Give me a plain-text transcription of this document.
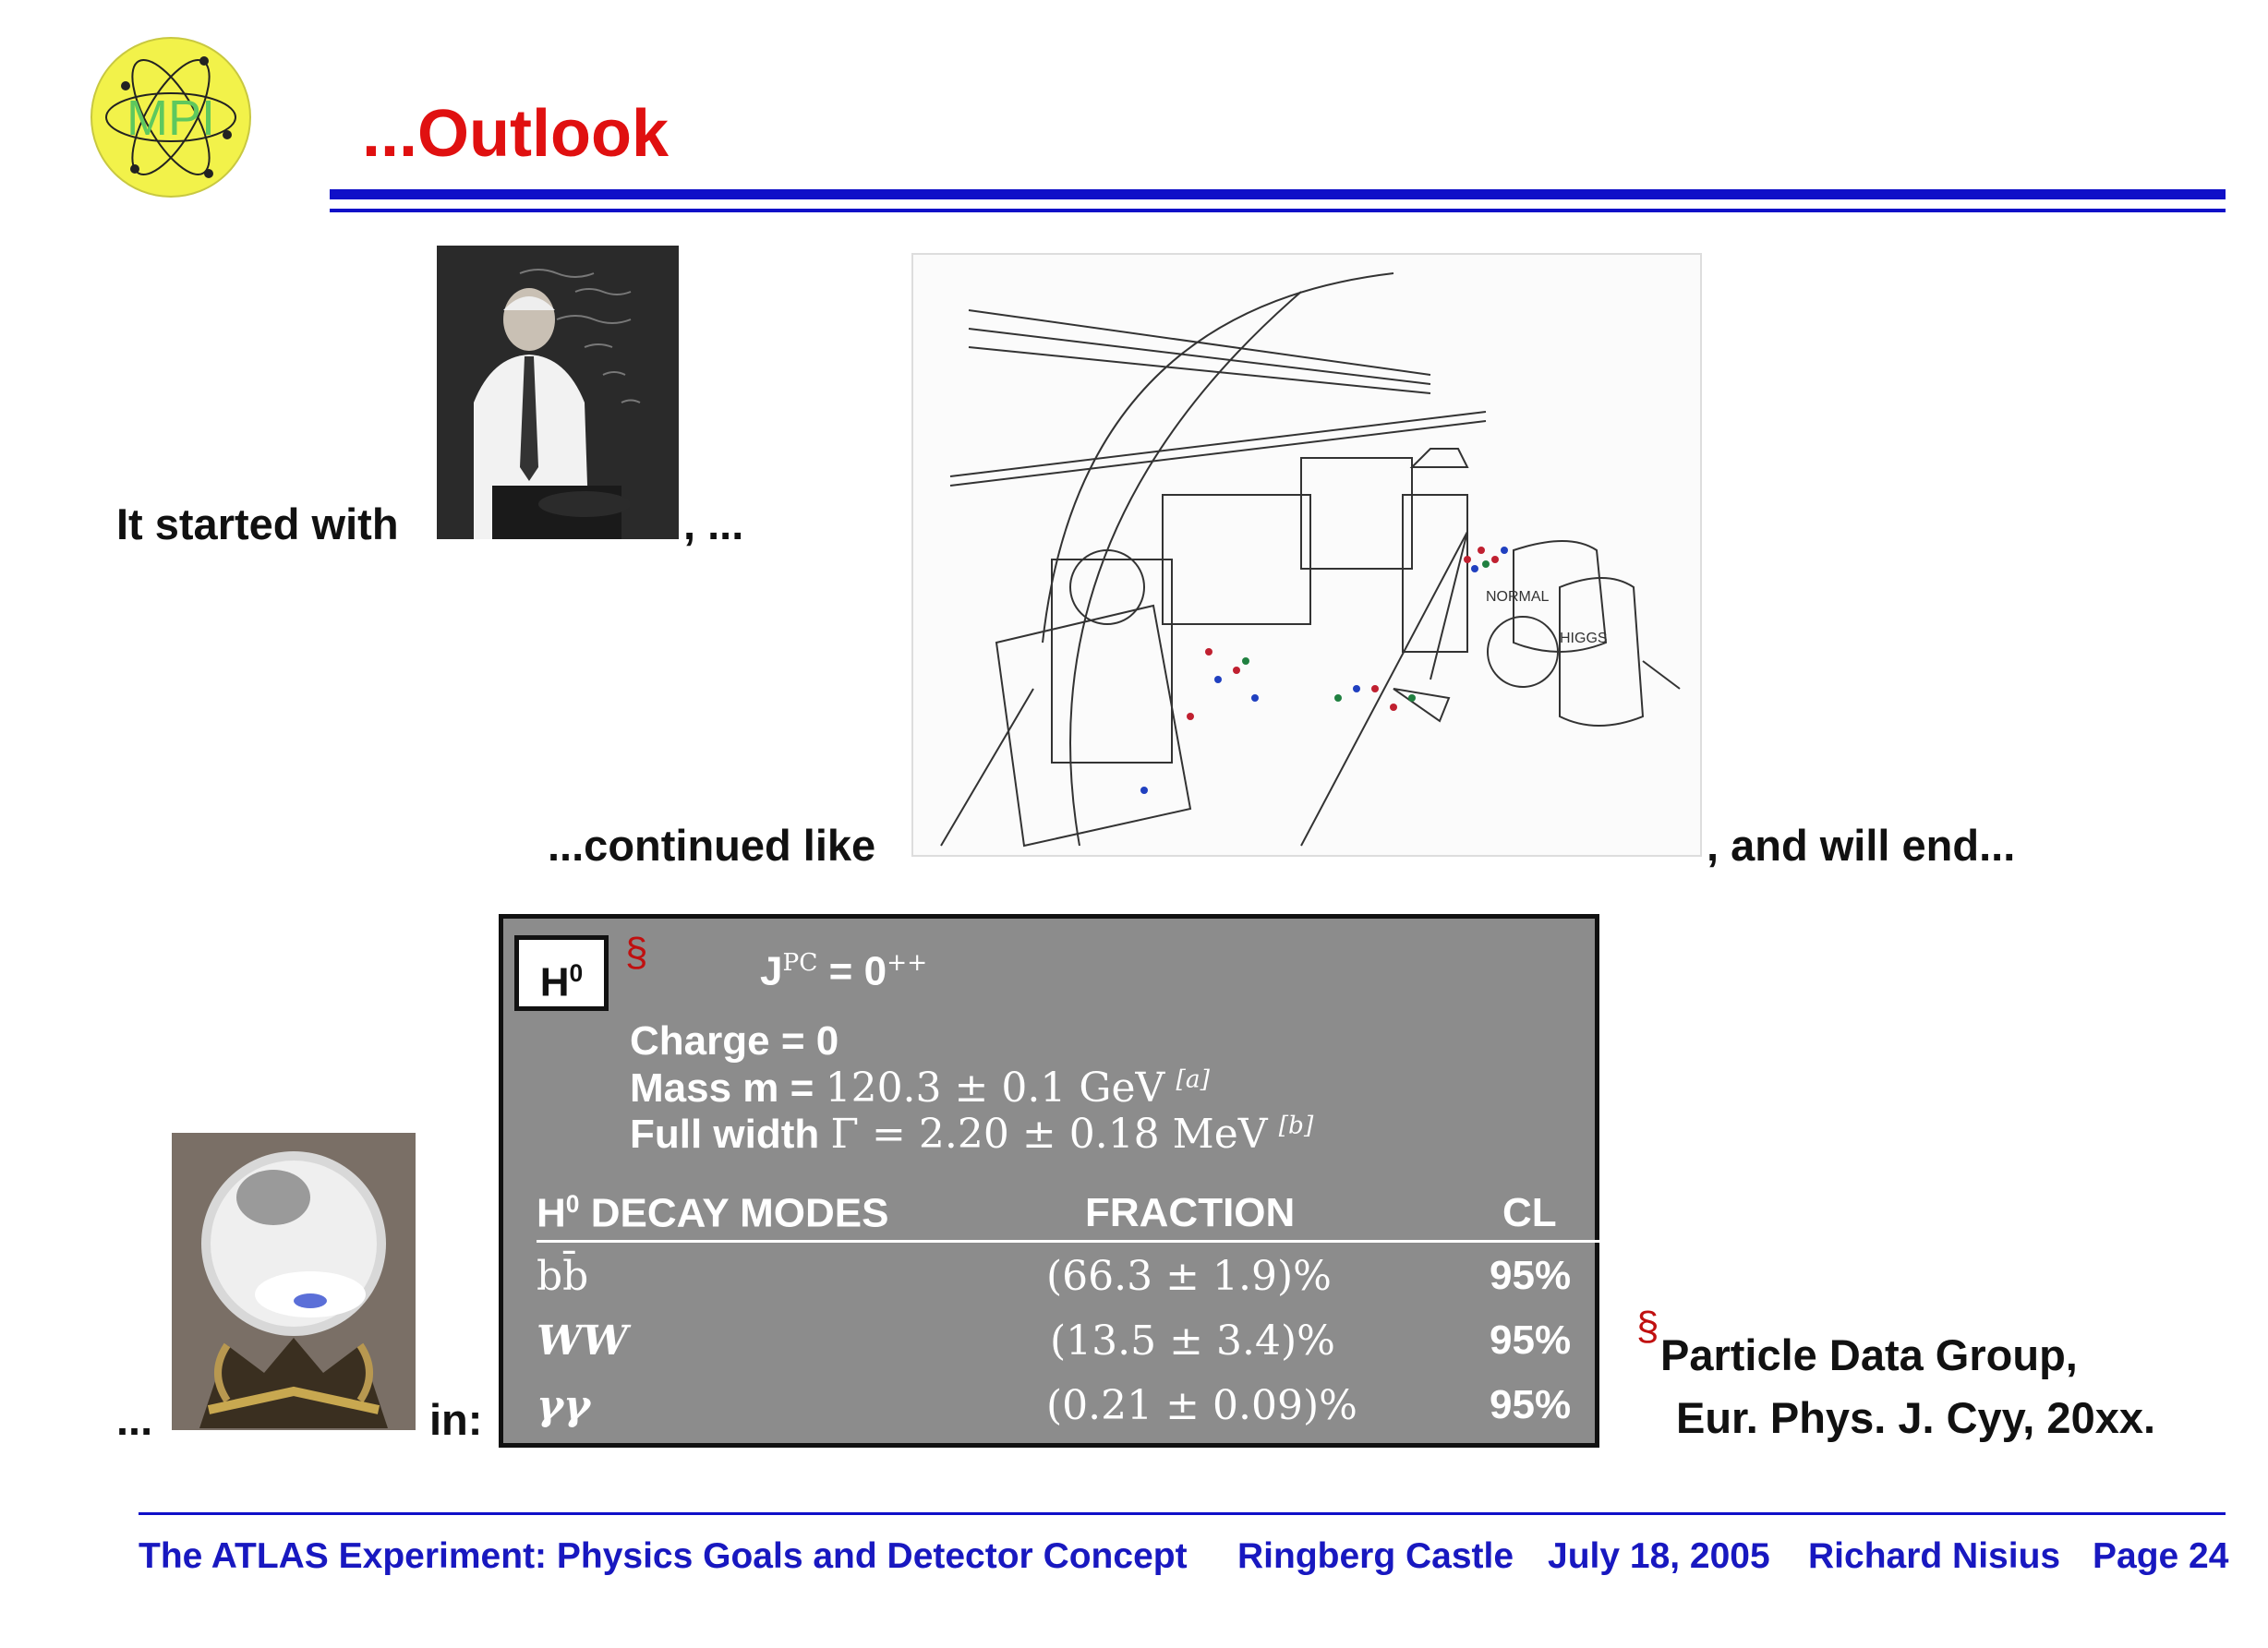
MPI ...Outlook
It started with	, ...
...continued like
NORMAL
HIGGS
, and will end...
...	in:
$H^0$	§	$J^{PC} = 0^{++}$
Charge = 0
Mass m = 120.3 ± 0.1 GeV [a]
Full width Γ = 2.20 ± 0.18 MeV [b]
$H^0$ DECAY MODES	FRACTION	CL
bb̄	(66.3 ± 1.9)%	95%
WW	(13.5 ± 3.4)%	95%
γγ	(0.21 ± 0.09)%	95%
§
Particle Data Group,
Eur. Phys. J. Cyy, 20xx.
The ATLAS Experiment: Physics Goals and Detector Concept Ringberg Castle July 18, 2005 Richard Nisius Page 24
